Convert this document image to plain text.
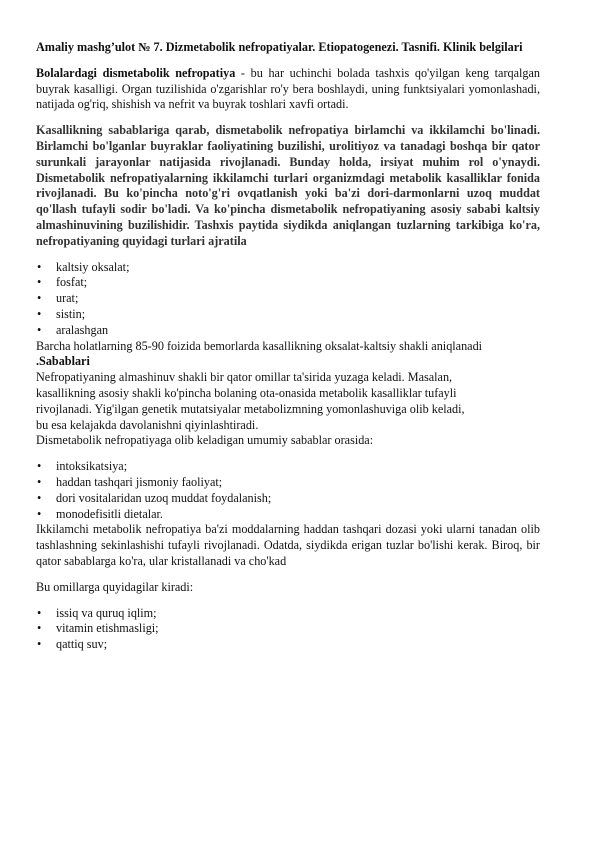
Amaliy mashg’ulot № 7. Dizmetabolik nefropatiyalar. Etiopatogenezi. Tasnifi. Klinik belgilari

Bolalardagi dismetabolik nefropatiya - bu har uchinchi bolada tashxis qo'yilgan keng tarqalgan buyrak kasalligi. Organ tuzilishida o'zgarishlar ro'y bera boshlaydi, uning funktsiyalari yomonlashadi, natijada og'riq, shishish va nefrit va buyrak toshlari xavfi ortadi.

Kasallikning sabablariga qarab, dismetabolik nefropatiya birlamchi va ikkilamchi bo'linadi. Birlamchi bo'lganlar buyraklar faoliyatining buzilishi, urolitiyoz va tanadagi boshqa bir qator surunkali jarayonlar natijasida rivojlanadi. Bunday holda, irsiyat muhim rol o'ynaydi. Dismetabolik nefropatiyalarning ikkilamchi turlari organizmdagi metabolik kasalliklar fonida rivojlanadi. Bu ko'pincha noto'g'ri ovqatlanish yoki ba'zi dori-darmonlarni uzoq muddat qo'llash tufayli sodir bo'ladi. Va ko'pincha dismetabolik nefropatiyaning asosiy sababi kaltsiy almashinuvining buzilishidir. Tashxis paytida siydikda aniqlangan tuzlarning tarkibiga ko'ra, nefropatiyaning quyidagi turlari ajratila

• kaltsiy oksalat;
• fosfat;
• urat;
• sistin;
• aralashgan

Barcha holatlarning 85-90 foizida bemorlarda kasallikning oksalat-kaltsiy shakli aniqlanadi

.Sabablari

Nefropatiyaning almashinuv shakli bir qator omillar ta'sirida yuzaga keladi. Masalan,
kasallikning asosiy shakli ko'pincha bolaning ota-onasida metabolik kasalliklar tufayli
rivojlanadi. Yig'ilgan genetik mutatsiyalar metabolizmning yomonlashuviga olib keladi,
bu esa kelajakda davolanishni qiyinlashtiradi.

Dismetabolik nefropatiyaga olib keladigan umumiy sabablar orasida:

• intoksikatsiya;
• haddan tashqari jismoniy faoliyat;
• dori vositalaridan uzoq muddat foydalanish;
• monodefisitli dietalar.

Ikkilamchi metabolik nefropatiya ba'zi moddalarning haddan tashqari dozasi yoki ularni tanadan olib tashlashning sekinlashishi tufayli rivojlanadi. Odatda, siydikda erigan tuzlar bo'lishi kerak. Biroq, bir qator sabablarga ko'ra, ular kristallanadi va cho'kad

Bu omillarga quyidagilar kiradi:

• issiq va quruq iqlim;
• vitamin etishmasligi;
• qattiq suv;
